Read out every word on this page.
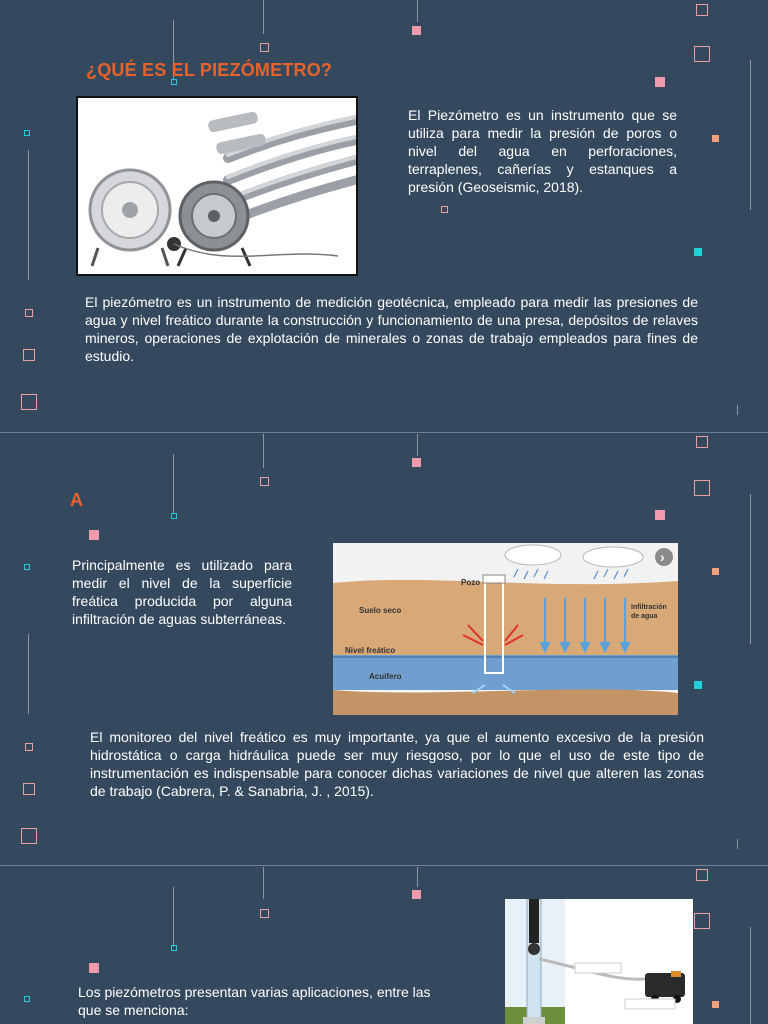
¿QUÉ ES EL PIEZÓMETRO?

El Piezómetro es un instrumento que se utiliza para medir la presión de poros o nivel del agua en perforaciones, terraplenes, cañerías y estanques a presión (Geoseismic, 2018).

El piezómetro es un instrumento de medición geotécnica, empleado para medir las presiones de agua y nivel freático durante la construcción y funcionamiento de una presa, depósitos de relaves mineros, operaciones de explotación de minerales o zonas de trabajo empleados para fines de estudio.

A

Principalmente es utilizado para medir el nivel de la superficie freática producida por alguna infiltración de aguas subterráneas.

Pozo
Suelo seco	Infiltración de agua
Nivel freático
Acuífero
›

El monitoreo del nivel freático es muy importante, ya que el aumento excesivo de la presión hidrostática o carga hidráulica puede ser muy riesgoso, por lo que el uso de este tipo de instrumentación es indispensable para conocer dichas variaciones de nivel que alteren las zonas de trabajo (Cabrera, P. & Sanabria, J. , 2015).

Los piezómetros presentan varias aplicaciones, entre las que se menciona:
